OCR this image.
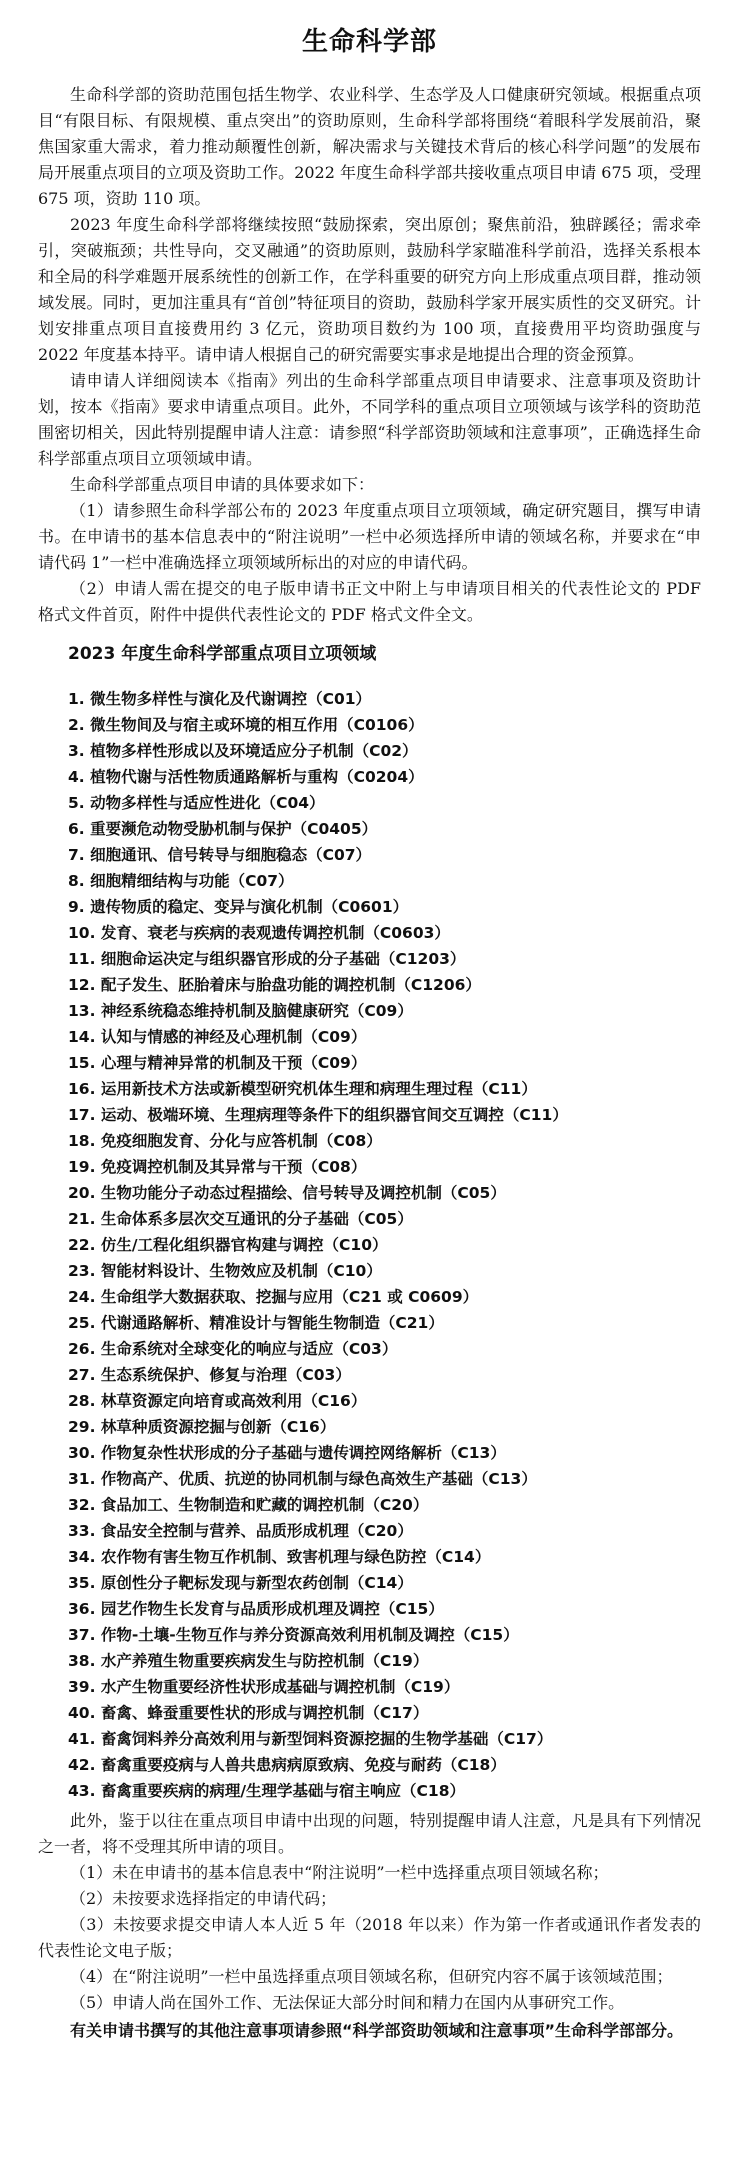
生命科学部

生命科学部的资助范围包括生物学、农业科学、生态学及人口健康研究领域。根据重点项目“有限目标、有限规模、重点突出”的资助原则，生命科学部将围绕“着眼科学发展前沿，聚焦国家重大需求，着力推动颠覆性创新，解决需求与关键技术背后的核心科学问题”的发展布局开展重点项目的立项及资助工作。2022 年度生命科学部共接收重点项目申请 675 项，受理 675 项，资助 110 项。

2023 年度生命科学部将继续按照“鼓励探索，突出原创；聚焦前沿，独辟蹊径；需求牵引，突破瓶颈；共性导向，交叉融通”的资助原则，鼓励科学家瞄准科学前沿，选择关系根本和全局的科学难题开展系统性的创新工作，在学科重要的研究方向上形成重点项目群，推动领域发展。同时，更加注重具有“首创”特征项目的资助，鼓励科学家开展实质性的交叉研究。计划安排重点项目直接费用约 3 亿元，资助项目数约为 100 项，直接费用平均资助强度与 2022 年度基本持平。请申请人根据自己的研究需要实事求是地提出合理的资金预算。

请申请人详细阅读本《指南》列出的生命科学部重点项目申请要求、注意事项及资助计划，按本《指南》要求申请重点项目。此外，不同学科的重点项目立项领域与该学科的资助范围密切相关，因此特别提醒申请人注意：请参照“科学部资助领域和注意事项”，正确选择生命科学部重点项目立项领域申请。

生命科学部重点项目申请的具体要求如下：

（1）请参照生命科学部公布的 2023 年度重点项目立项领域，确定研究题目，撰写申请书。在申请书的基本信息表中的“附注说明”一栏中必须选择所申请的领域名称，并要求在“申请代码 1”一栏中准确选择立项领域所标出的对应的申请代码。

（2）申请人需在提交的电子版申请书正文中附上与申请项目相关的代表性论文的 PDF 格式文件首页，附件中提供代表性论文的 PDF 格式文件全文。

2023 年度生命科学部重点项目立项领域
1. 微生物多样性与演化及代谢调控（C01）
2. 微生物间及与宿主或环境的相互作用（C0106）
3. 植物多样性形成以及环境适应分子机制（C02）
4. 植物代谢与活性物质通路解析与重构（C0204）
5. 动物多样性与适应性进化（C04）
6. 重要濒危动物受胁机制与保护（C0405）
7. 细胞通讯、信号转导与细胞稳态（C07）
8. 细胞精细结构与功能（C07）
9. 遗传物质的稳定、变异与演化机制（C0601）
10. 发育、衰老与疾病的表观遗传调控机制（C0603）
11. 细胞命运决定与组织器官形成的分子基础（C1203）
12. 配子发生、胚胎着床与胎盘功能的调控机制（C1206）
13. 神经系统稳态维持机制及脑健康研究（C09）
14. 认知与情感的神经及心理机制（C09）
15. 心理与精神异常的机制及干预（C09）
16. 运用新技术方法或新模型研究机体生理和病理生理过程（C11）
17. 运动、极端环境、生理病理等条件下的组织器官间交互调控（C11）
18. 免疫细胞发育、分化与应答机制（C08）
19. 免疫调控机制及其异常与干预（C08）
20. 生物功能分子动态过程描绘、信号转导及调控机制（C05）
21. 生命体系多层次交互通讯的分子基础（C05）
22. 仿生/工程化组织器官构建与调控（C10）
23. 智能材料设计、生物效应及机制（C10）
24. 生命组学大数据获取、挖掘与应用（C21 或 C0609）
25. 代谢通路解析、精准设计与智能生物制造（C21）
26. 生命系统对全球变化的响应与适应（C03）
27. 生态系统保护、修复与治理（C03）
28. 林草资源定向培育或高效利用（C16）
29. 林草种质资源挖掘与创新（C16）
30. 作物复杂性状形成的分子基础与遗传调控网络解析（C13）
31. 作物高产、优质、抗逆的协同机制与绿色高效生产基础（C13）
32. 食品加工、生物制造和贮藏的调控机制（C20）
33. 食品安全控制与营养、品质形成机理（C20）
34. 农作物有害生物互作机制、致害机理与绿色防控（C14）
35. 原创性分子靶标发现与新型农药创制（C14）
36. 园艺作物生长发育与品质形成机理及调控（C15）
37. 作物-土壤-生物互作与养分资源高效利用机制及调控（C15）
38. 水产养殖生物重要疾病发生与防控机制（C19）
39. 水产生物重要经济性状形成基础与调控机制（C19）
40. 畜禽、蜂蚕重要性状的形成与调控机制（C17）
41. 畜禽饲料养分高效利用与新型饲料资源挖掘的生物学基础（C17）
42. 畜禽重要疫病与人兽共患病病原致病、免疫与耐药（C18）
43. 畜禽重要疾病的病理/生理学基础与宿主响应（C18）

此外，鉴于以往在重点项目申请中出现的问题，特别提醒申请人注意，凡是具有下列情况之一者，将不受理其所申请的项目。

（1）未在申请书的基本信息表中“附注说明”一栏中选择重点项目领域名称；

（2）未按要求选择指定的申请代码；

（3）未按要求提交申请人本人近 5 年（2018 年以来）作为第一作者或通讯作者发表的代表性论文电子版；

（4）在“附注说明”一栏中虽选择重点项目领域名称，但研究内容不属于该领域范围；

（5）申请人尚在国外工作、无法保证大部分时间和精力在国内从事研究工作。

有关申请书撰写的其他注意事项请参照“科学部资助领域和注意事项”生命科学部部分。
